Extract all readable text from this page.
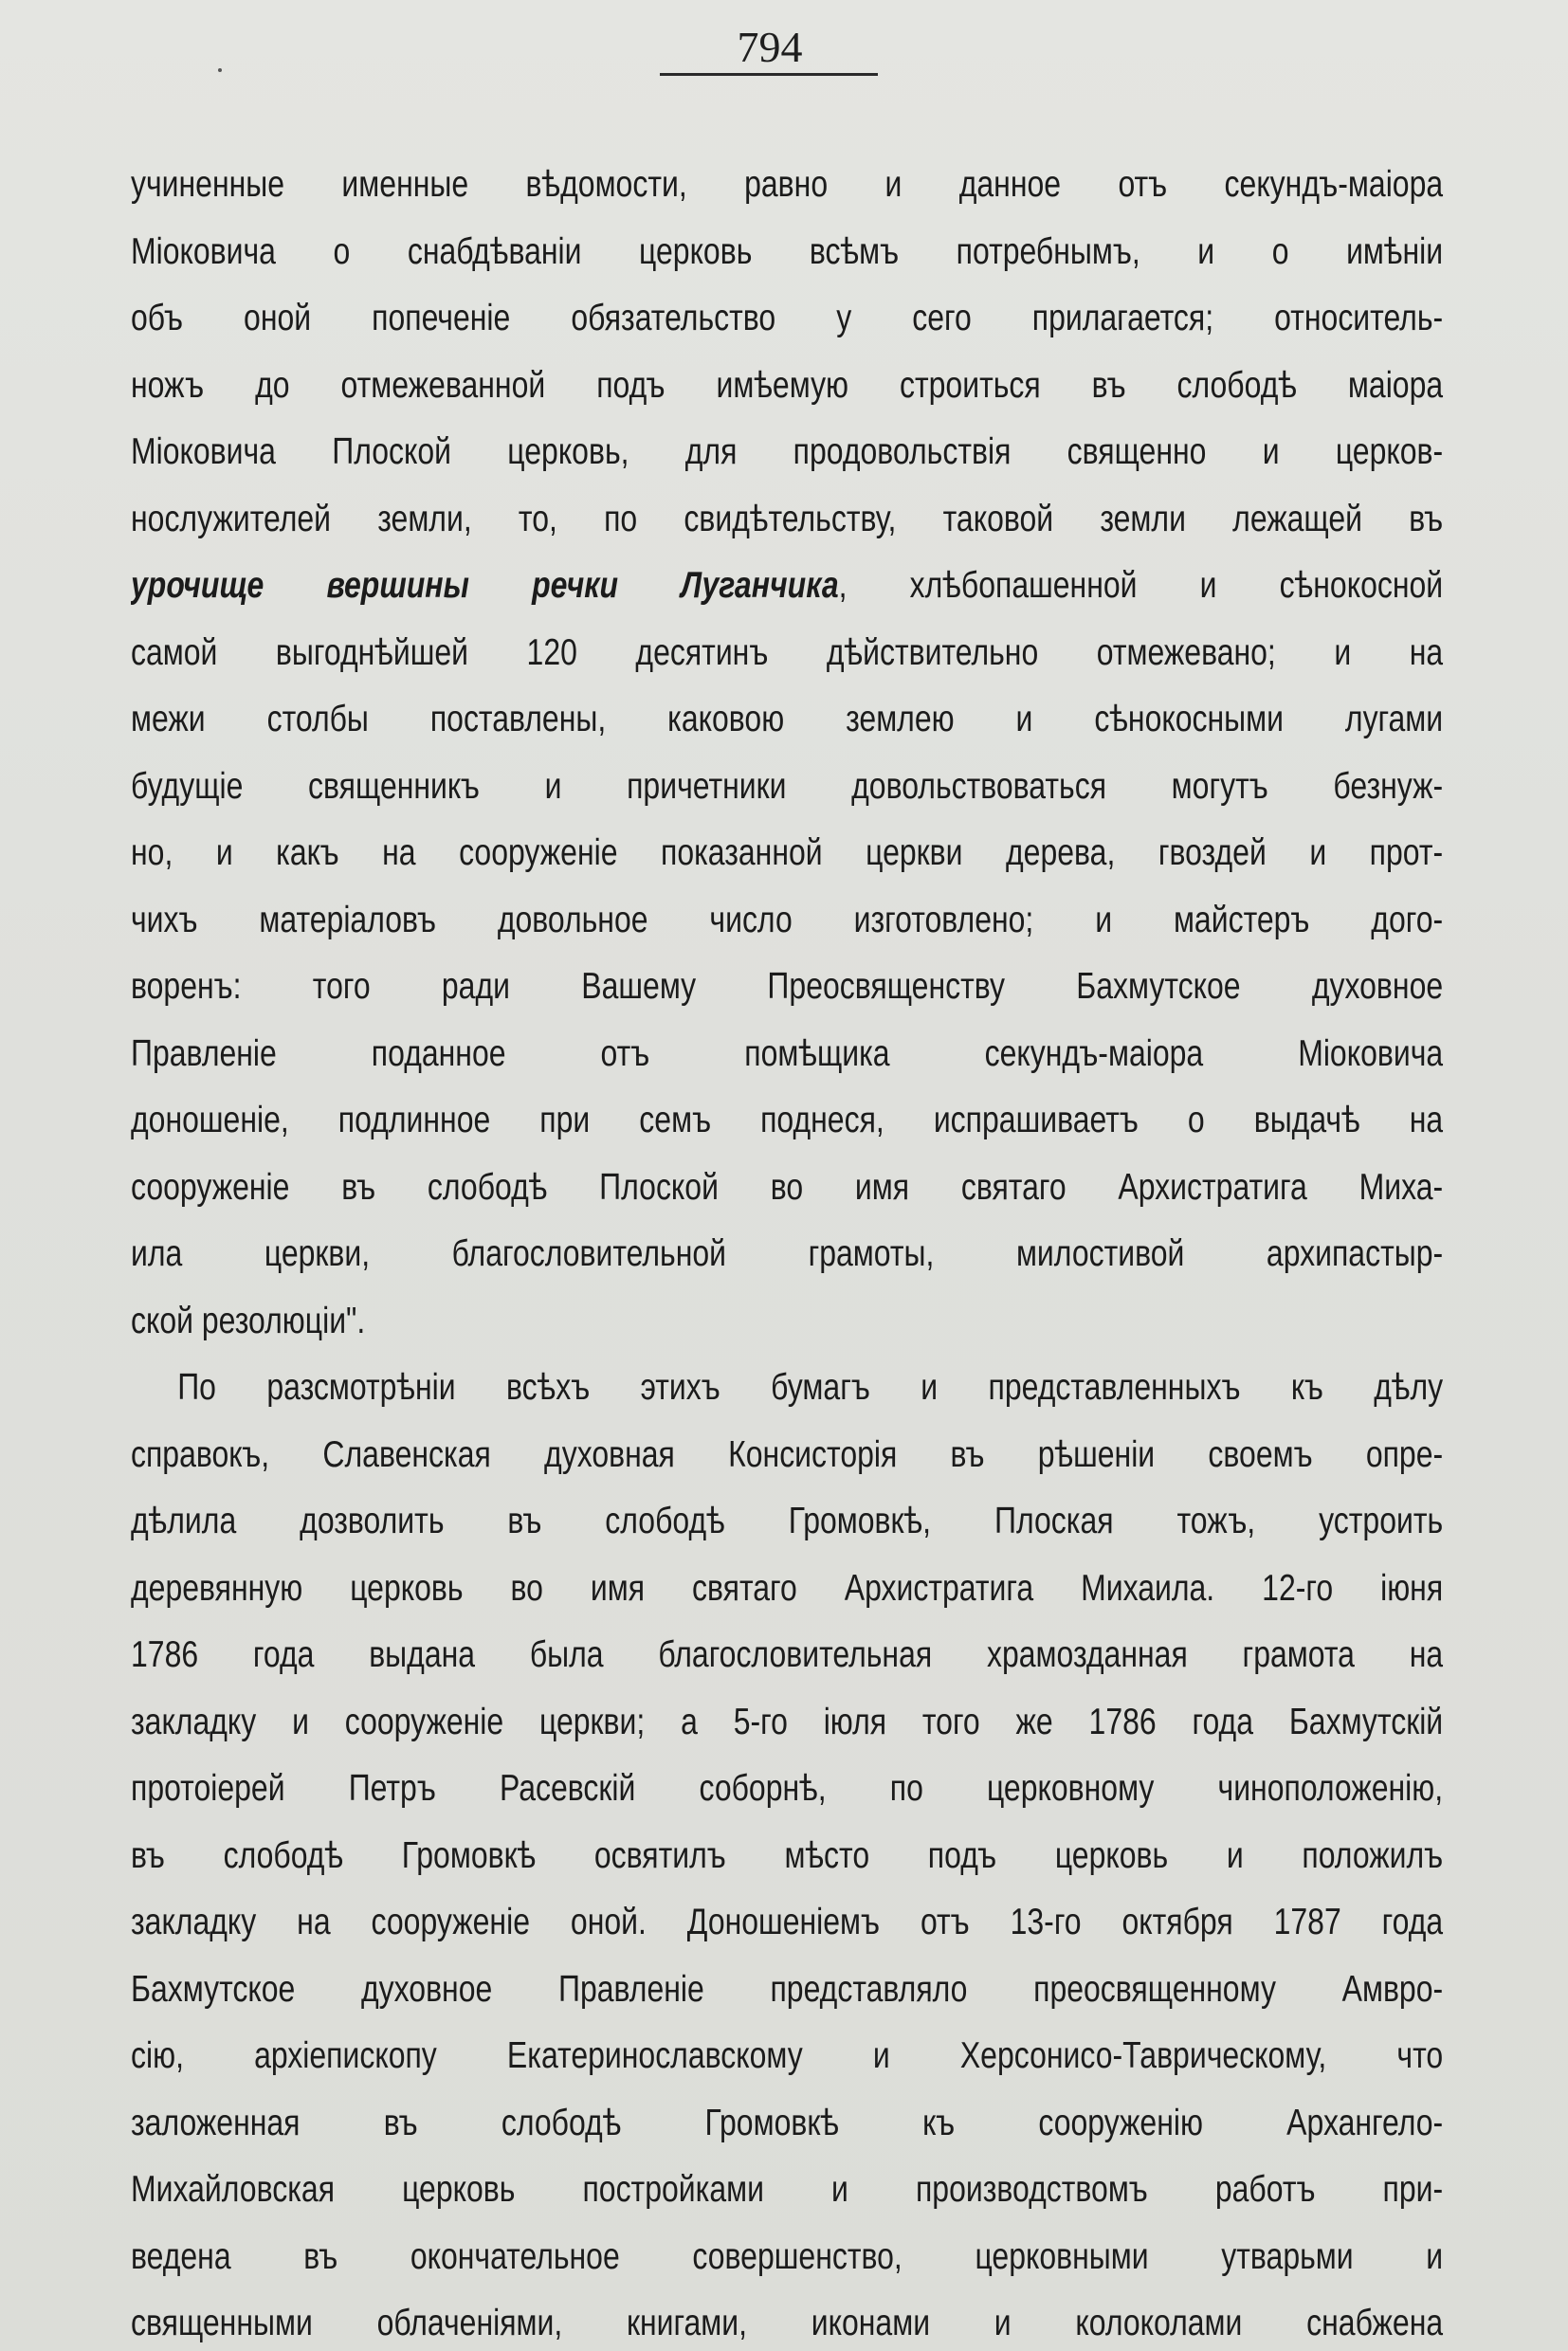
794
учиненные именные вѣдомости, равно и данное отъ секундъ-маіора
Міоковича о снабдѣваніи церковь всѣмъ потребнымъ, и о имѣніи
объ оной попеченіе обязательство у сего прилагается; относитель-
ножъ до отмежеванной подъ имѣемую строиться въ слободѣ маіора
Міоковича Плоской церковь, для продовольствія священно и церков-
нослужителей земли, то, по свидѣтельству, таковой земли лежащей въ
урочище вершины речки Луганчика, хлѣбопашенной и сѣнокосной
самой выгоднѣйшей 120 десятинъ дѣйствительно отмежевано; и на
межи столбы поставлены, каковою землею и сѣнокосными лугами
будущіе священникъ и причетники довольствоваться могутъ безнуж-
но, и какъ на сооруженіе показанной церкви дерева, гвоздей и прот-
чихъ матеріаловъ довольное число изготовлено; и майстеръ дого-
воренъ: того ради Вашему Преосвященству Бахмутское духовное
Правленіе поданное отъ помѣщика секундъ-маіора Міоковича
доношеніе, подлинное при семъ поднеся, испрашиваетъ о выдачѣ на
сооруженіе въ слободѣ Плоской во имя святаго Архистратига Миха-
ила церкви, благословительной грамоты, милостивой архипастыр-
ской резолюціи".
По разсмотрѣніи всѣхъ этихъ бумагъ и представленныхъ къ дѣлу
справокъ, Славенская духовная Консисторія въ рѣшеніи своемъ опре-
дѣлила дозволить въ слободѣ Громовкѣ, Плоская тожъ, устроить
деревянную церковь во имя святаго Архистратига Михаила. 12-го іюня
1786 года выдана была благословительная храмозданная грамота на
закладку и сооруженіе церкви; а 5-го іюля того же 1786 года Бахмутскій
протоіерей Петръ Расевскій соборнѣ, по церковному чиноположенію,
въ слободѣ Громовкѣ освятилъ мѣсто подъ церковь и положилъ
закладку на сооруженіе оной. Доношеніемъ отъ 13-го октября 1787 года
Бахмутское духовное Правленіе представляло преосвященному Амвро-
сію, архіепископу Екатеринославскому и Херсонисо-Таврическому, что
заложенная въ слободѣ Громовкѣ къ сооруженію Архангело-
Михайловская церковь постройками и производствомъ работъ при-
ведена въ окончательное совершенство, церковными утварьми и
священными облаченіями, книгами, иконами и колоколами снабжена
